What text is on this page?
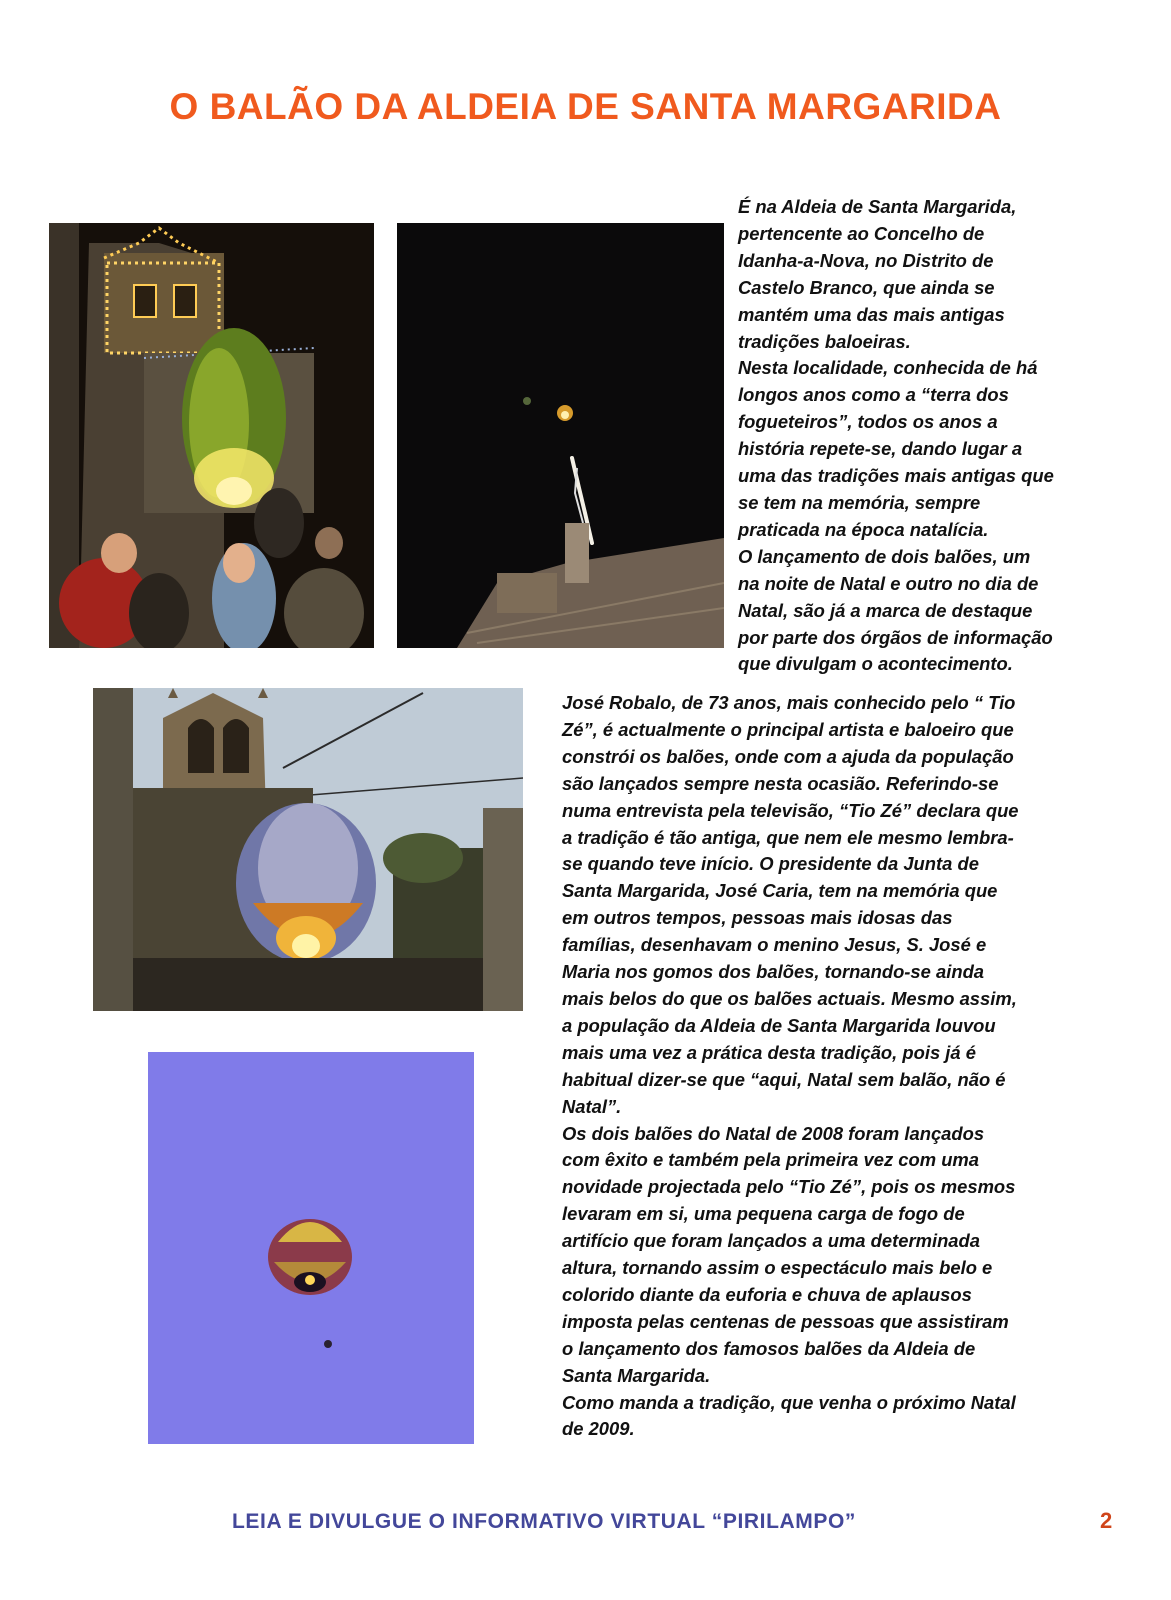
O BALÃO DA ALDEIA DE SANTA MARGARIDA
É na Aldeia de Santa Margarida,
pertencente ao Concelho de
Idanha-a-Nova, no Distrito de
Castelo Branco, que ainda se
mantém uma das mais antigas
tradições baloeiras.
Nesta localidade, conhecida de há
longos anos como a “terra dos
fogueteiros”, todos os anos a
história repete-se, dando lugar a
uma das tradições mais antigas que
se tem na memória, sempre
praticada na época natalícia.
O lançamento de dois balões, um
na noite de Natal e outro no dia de
Natal, são já a marca de destaque
por parte dos órgãos de informação
que divulgam o acontecimento.
José Robalo, de 73 anos, mais conhecido pelo “ Tio
Zé”, é actualmente o principal artista e baloeiro que
constrói os balões, onde com a ajuda da população
são lançados sempre nesta ocasião. Referindo-se
numa entrevista pela televisão, “Tio Zé” declara que
a tradição é tão antiga, que nem ele mesmo lembra-
se quando teve início. O presidente da Junta de
Santa Margarida, José Caria, tem na memória que
em outros tempos, pessoas mais idosas das
famílias, desenhavam o menino Jesus, S. José e
Maria nos gomos dos balões, tornando-se ainda
mais belos do que os balões actuais. Mesmo assim,
a população da Aldeia de Santa Margarida louvou
mais uma vez a prática desta tradição, pois já é
habitual dizer-se que “aqui, Natal sem balão, não é
Natal”.
Os dois balões do Natal de 2008 foram lançados
com êxito e também pela primeira vez com uma
novidade projectada pelo “Tio Zé”, pois os mesmos
levaram em si, uma pequena carga de fogo de
artifício que foram lançados a uma determinada
altura, tornando assim o espectáculo mais belo e
colorido diante da euforia e chuva de aplausos
imposta pelas centenas de pessoas que assistiram
o lançamento dos famosos balões da Aldeia de
Santa Margarida.
Como manda a tradição, que venha o próximo Natal
de 2009.
LEIA E DIVULGUE O INFORMATIVO VIRTUAL “PIRILAMPO”	2
